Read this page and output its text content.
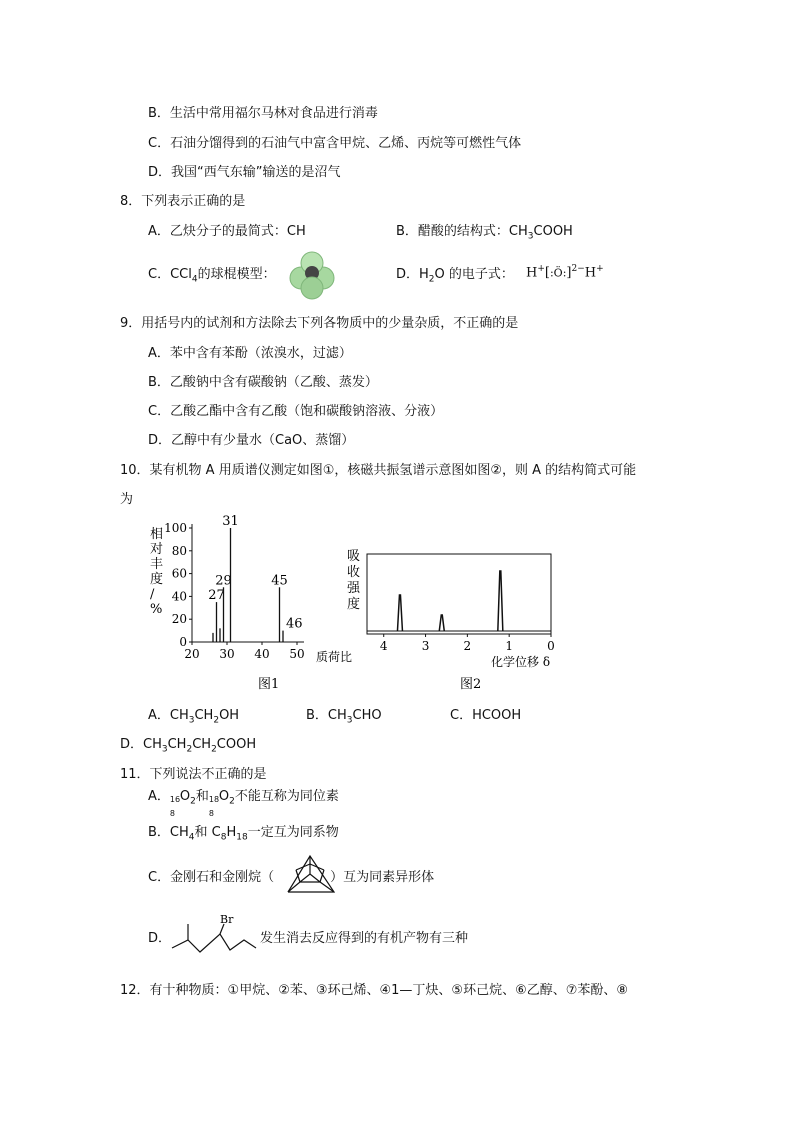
B．生活中常用福尔马林对食品进行消毒
C．石油分馏得到的石油气中富含甲烷、乙烯、丙烷等可燃性气体
D．我国“西气东输”输送的是沼气
8．下列表示正确的是
A．乙炔分子的最简式：CH	B．醋酸的结构式：$CH_3COOH$
C．CCl$_4$的球棍模型：	D．$H_2O$ 的电子式： H+[:Ö:]$^{2-}$H+
9．用括号内的试剂和方法除去下列各物质中的少量杂质，不正确的是
A．苯中含有苯酚（浓溴水，过滤）
B．乙酸钠中含有碳酸钠（乙酸、蒸发）
C．乙酸乙酯中含有乙酸（饱和碳酸钠溶液、分液）
D．乙醇中有少量水（CaO、蒸馏）
10．某有机物 A 用质谱仪测定如图①，核磁共振氢谱示意图如图②，则 A 的结构简式可能
为
0
20
40
60
80
100
20 30 40 50
27
29
31
45
46
相对丰度/ %
质荷比
图1
4	3	2	1	0
吸收强度
化学位移 δ
图2
A．$CH_3CH_2OH$	B．$CH_3CHO$	C．HCOOH
D．$CH_3CH_2CH_2COOH$
11．下列说法不正确的是
A． 16
8
$O_2$和 18
8
$O_2$不能互称为同位素
B．$CH_4$和 $C_8H_{18}$一定互为同系物
C．金刚石和金刚烷（	）互为同素异形体
D．
Br
发生消去反应得到的有机产物有三种
12．有十种物质：①甲烷、②苯、③环己烯、④1—丁炔、⑤环己烷、⑥乙醇、⑦苯酚、⑧
